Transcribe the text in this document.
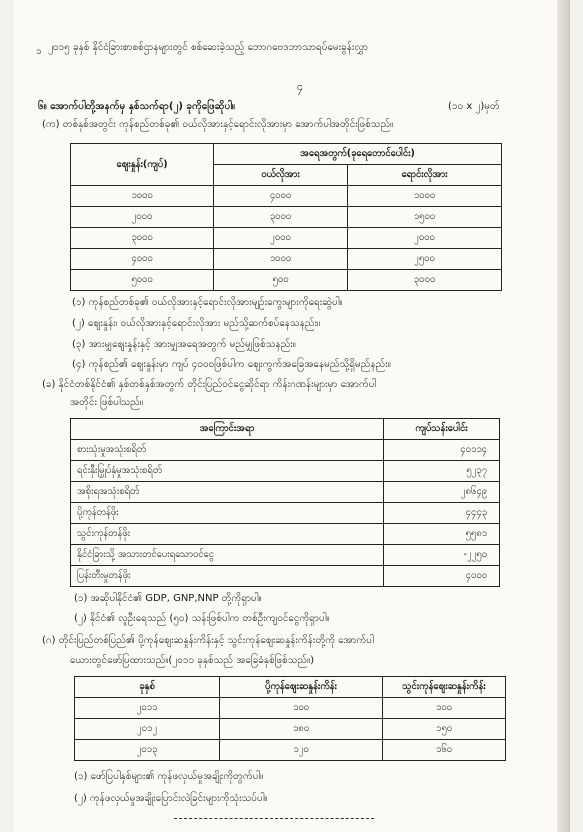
၁ ၂၀၁၅ ခုနှစ် နိုင်ငံခြားစာစစ်ဌာနများတွင် စစ်ဆေးခဲ့သည့် ဘောဂဗေဒဘာသာရပ်မေးခွန်းလွှာ
၄
၆။ အောက်ပါတို့အနက်မှ နှစ်သက်ရာ(၂) ခုကိုဖြေဆိုပါ။	(၁၀ x ၂)မှတ်
(က) တစ်နှစ်အတွင်း ကုန်စည်တစ်ခု၏ ဝယ်လိုအားနှင့်ရောင်းလိုအားမှာ အောက်ပါအတိုင်းဖြစ်သည်။
ဈေးနှုန်း(ကျပ်)	အရေအတွက်(ခုရေတောင်ပေါင်း)	
	ဝယ်လိုအား	ရောင်းလိုအား
၁၀၀၀	၄၀၀၀	၁၀၀၀
၂၀၀၀	၃၀၀၀	၁၅၀၀
၃၀၀၀	၂၀၀၀	၂၀၀၀
၄၀၀၀	၁၀၀၀	၂၅၀၀
၅၀၀၀	၅၀၀	၃၀၀၀
(၁) ကုန်စည်တစ်ခု၏ ဝယ်လိုအားနှင့်ရောင်းလိုအားမျဉ်းကွေးများကိုရေးဆွဲပါ။
(၂) ဈေးနှုန်း၊ ဝယ်လိုအားနှင့်ရောင်းလိုအား မည်သို့ဆက်စပ်နေသနည်း။
(၃) အားမျှဈေးနှုန်းနှင့် အားမျှအရေအတွက် မည်မျှဖြစ်သနည်း။
(၄) ကုန်စည်၏ ဈေးနှုန်းမှာ ကျပ် ၄၀၀၀ဖြစ်ပါက ဈေးကွက်အခြေအနေမည်သို့ရှိမည်နည်း။
(ခ) နိုင်ငံတစ်နိုင်ငံ၏ နှစ်တစ်နှစ်အတွက် တိုင်းပြည်ဝင်ငွေဆိုင်ရာ ကိန်းဂဏန်းများမှာ အောက်ပါ
အတိုင်း ဖြစ်ပါသည်။
အကြောင်းအရာ	ကျပ်သန်းပေါင်း
စားသုံးမှုအသုံးစရိတ်	၄၀၁၁၄
ရင်းနှီးမြှုပ်နှံမှုအသုံးစရိတ်	၅၂၃၇
အစိုးရအသုံးစရိတ်	၂၈၆၄၉
ပို့ကုန်တန်ဖိုး	၄၄၄၃
သွင်းကုန်တန်ဖိုး	၅၅၈၁
နိုင်ငံခြားသို့ အသားတင်ပေးရသောဝင်ငွေ	-၂၂၅၀
ပြန်းတီးမှုတန်ဖိုး	၄၀၀၀
(၁) အဆိုပါနိုင်ငံ၏ GDP, GNP,NNP တို့ကိုရှာပါ။
(၂) နိုင်ငံ၏ လူဦးရေသည် (၅၀) သန်းဖြစ်ပါက တစ်ဦးကျဝင်ငွေကိုရှာပါ။
(ဂ) တိုင်းပြည်တစ်ပြည်၏ ပို့ကုန်ဈေးဆနှုန်းကိန်းနှင့် သွင်းကုန်ဈေးဆနှုန်းကိန်းတို့ကို အောက်ပါ
ယေားတွင်ဖော်ပြထားသည်။(၂၀၁၁ ခုနှစ်သည် အခြေခံနှစ်ဖြစ်သည်။)
ခုနှစ်	ပို့ကုန်ဈေးဆနှုန်းကိန်း	သွင်းကုန်ဈေးဆနှုန်းကိန်း
၂၀၁၁	၁၀၀	၁၀၀
၂၀၁၂	၁၈၀	၁၅၀
၂၀၁၃	၁၂၀	၁၆၀
(၁) ဖော်ပြပါနှစ်များ၏ ကုန်ဖလှယ်မှုအချိုးကိုတွက်ပါ။
(၂) ကုန်ဖလှယ်မှုအချိုးပြောင်းလဲခြင်းများကိုသုံးသပ်ပါ။
